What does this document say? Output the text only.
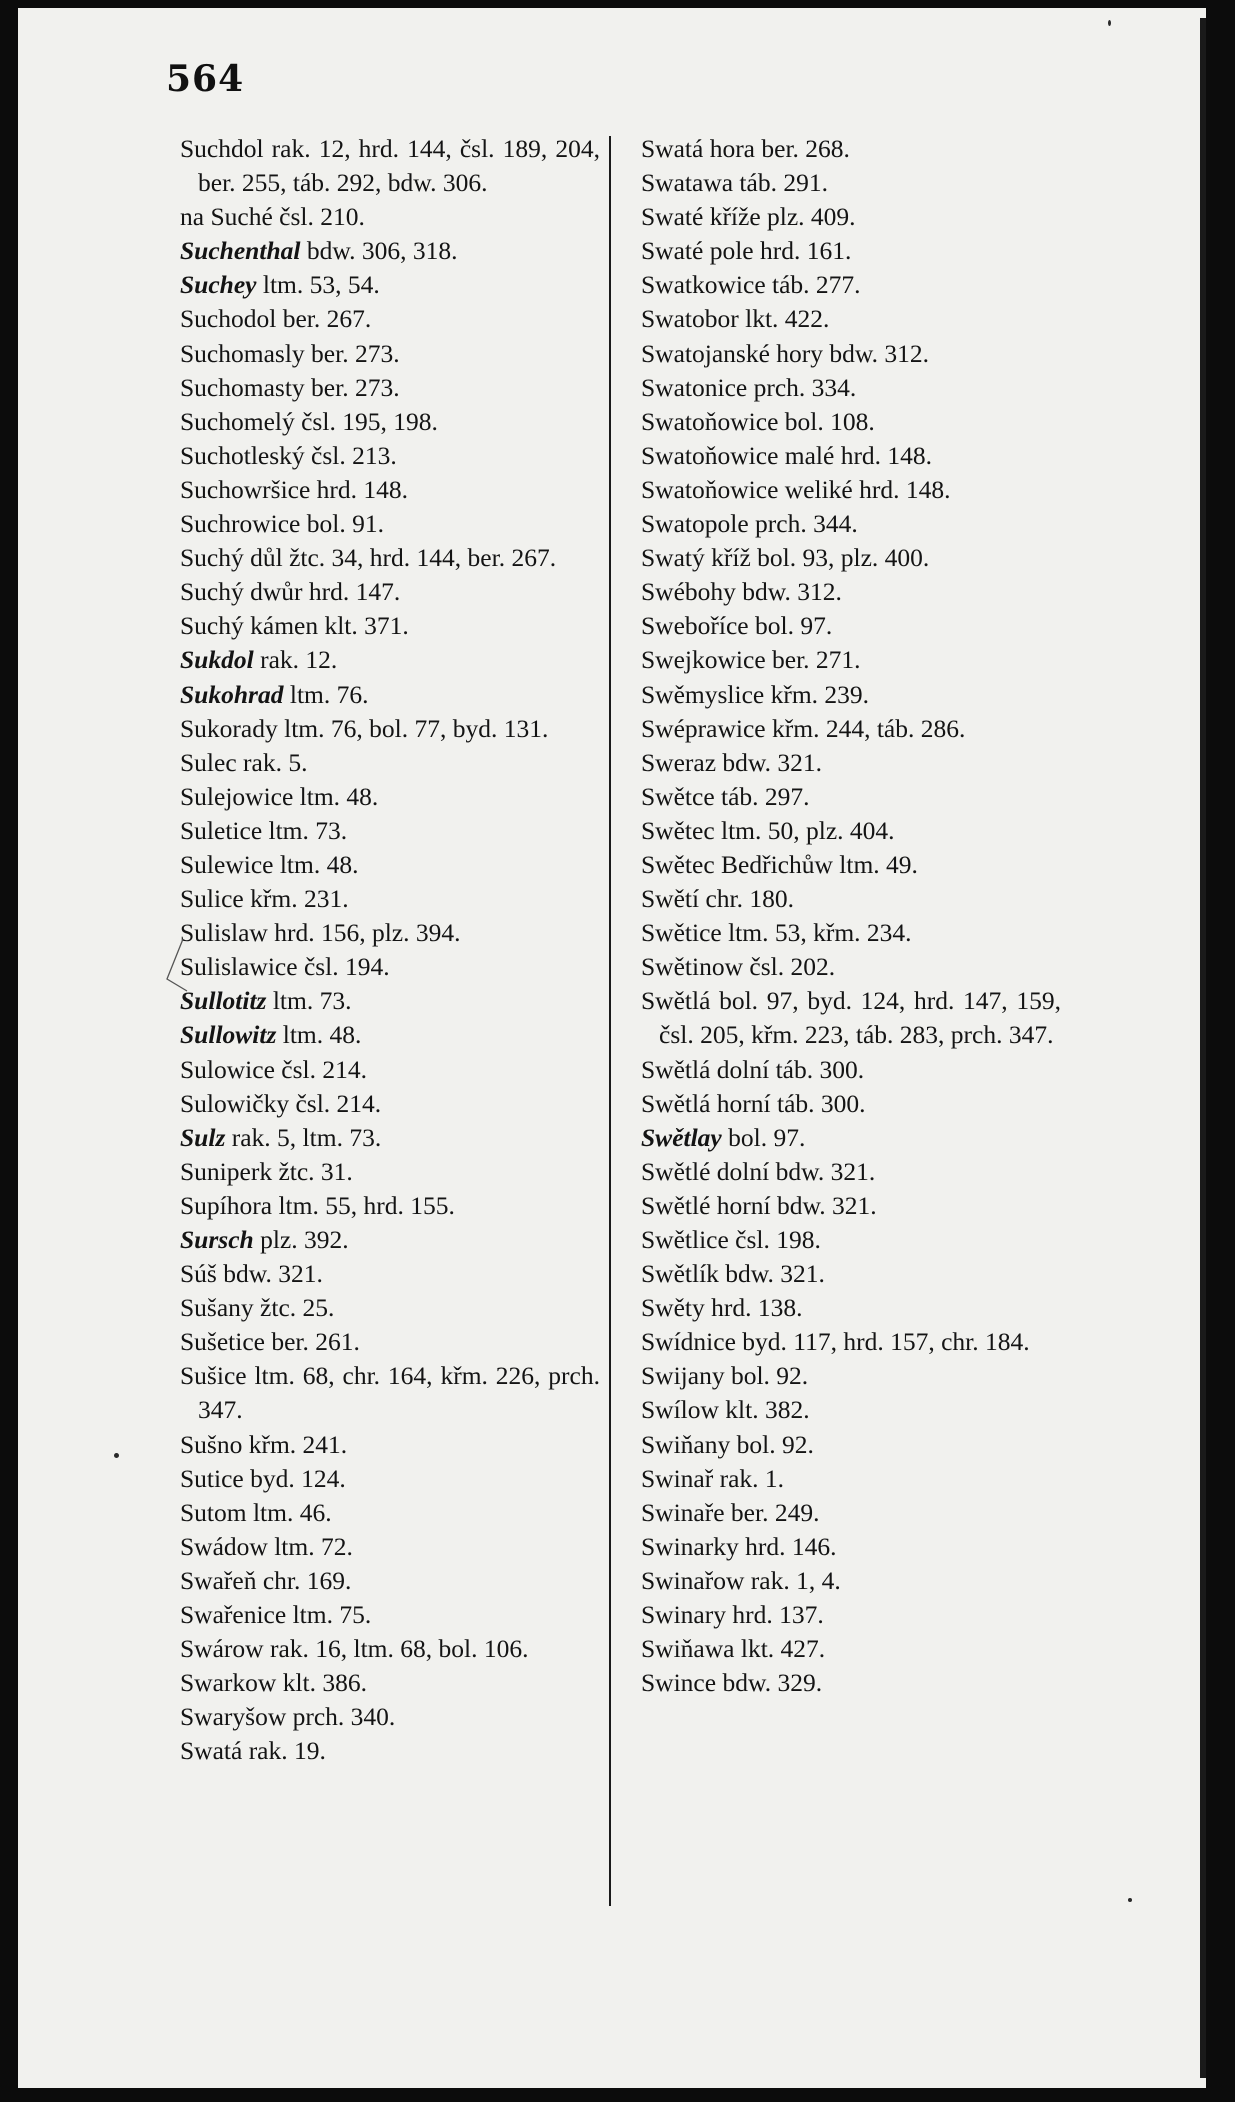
564
Suchdol rak. 12, hrd. 144, čsl. 189, 204, ber. 255, táb. 292, bdw. 306.
na Suché čsl. 210.
Suchenthal bdw. 306, 318.
Suchey ltm. 53, 54.
Suchodol ber. 267.
Suchomasly ber. 273.
Suchomasty ber. 273.
Suchomelý čsl. 195, 198.
Suchotleský čsl. 213.
Suchowršice hrd. 148.
Suchrowice bol. 91.
Suchý důl žtc. 34, hrd. 144, ber. 267.
Suchý dwůr hrd. 147.
Suchý kámen klt. 371.
Sukdol rak. 12.
Sukohrad ltm. 76.
Sukorady ltm. 76, bol. 77, byd. 131.
Sulec rak. 5.
Sulejowice ltm. 48.
Suletice ltm. 73.
Sulewice ltm. 48.
Sulice křm. 231.
Sulislaw hrd. 156, plz. 394.
Sulislawice čsl. 194.
Sullotitz ltm. 73.
Sullowitz ltm. 48.
Sulowice čsl. 214.
Sulowičky čsl. 214.
Sulz rak. 5, ltm. 73.
Suniperk žtc. 31.
Supíhora ltm. 55, hrd. 155.
Sursch plz. 392.
Súš bdw. 321.
Sušany žtc. 25.
Sušetice ber. 261.
Sušice ltm. 68, chr. 164, křm. 226, prch. 347.
Sušno křm. 241.
Sutice byd. 124.
Sutom ltm. 46.
Swádow ltm. 72.
Swařeň chr. 169.
Swařenice ltm. 75.
Swárow rak. 16, ltm. 68, bol. 106.
Swarkow klt. 386.
Swaryšow prch. 340.
Swatá rak. 19.
Swatá hora ber. 268.
Swatawa táb. 291.
Swaté kříže plz. 409.
Swaté pole hrd. 161.
Swatkowice táb. 277.
Swatobor lkt. 422.
Swatojanské hory bdw. 312.
Swatonice prch. 334.
Swatoňowice bol. 108.
Swatoňowice malé hrd. 148.
Swatoňowice weliké hrd. 148.
Swatopole prch. 344.
Swatý kříž bol. 93, plz. 400.
Swébohy bdw. 312.
Sweboříce bol. 97.
Swejkowice ber. 271.
Swěmyslice křm. 239.
Swéprawice křm. 244, táb. 286.
Sweraz bdw. 321.
Swětce táb. 297.
Swětec ltm. 50, plz. 404.
Swětec Bedřichůw ltm. 49.
Swětí chr. 180.
Swětice ltm. 53, křm. 234.
Swětinow čsl. 202.
Swětlá bol. 97, byd. 124, hrd. 147, 159, čsl. 205, křm. 223, táb. 283, prch. 347.
Swětlá dolní táb. 300.
Swětlá horní táb. 300.
Swětlay bol. 97.
Swětlé dolní bdw. 321.
Swětlé horní bdw. 321.
Swětlice čsl. 198.
Swětlík bdw. 321.
Swěty hrd. 138.
Swídnice byd. 117, hrd. 157, chr. 184.
Swijany bol. 92.
Swílow klt. 382.
Swiňany bol. 92.
Swinař rak. 1.
Swinaře ber. 249.
Swinarky hrd. 146.
Swinařow rak. 1, 4.
Swinary hrd. 137.
Swiňawa lkt. 427.
Swince bdw. 329.
